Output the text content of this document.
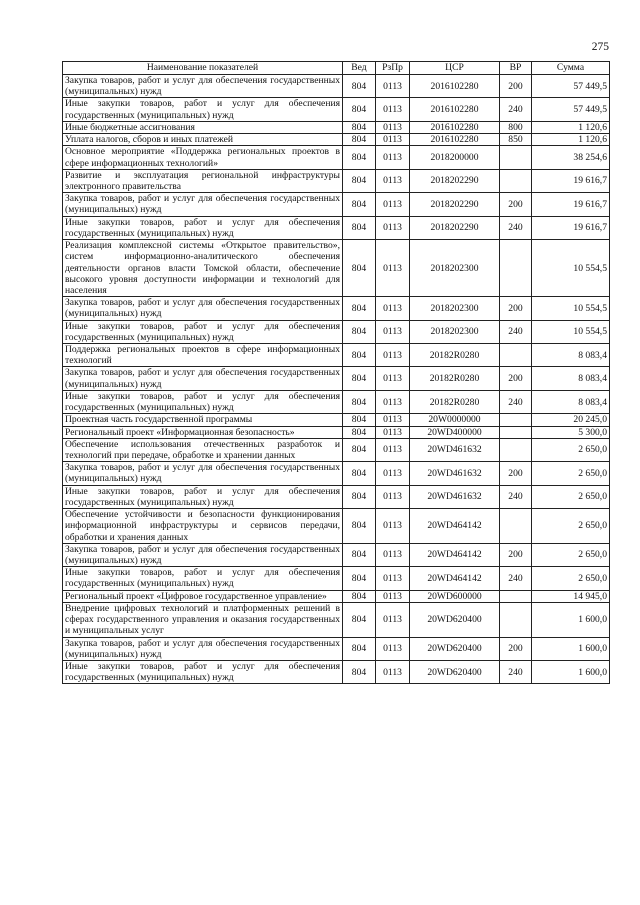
275
Наименование показателей	Вед	РзПр	ЦСР	ВР	Сумма
Закупка товаров, работ и услуг для обеспечения государственных (муниципальных) нужд	804	0113	2016102280	200	57 449,5
Иные закупки товаров, работ и услуг для обеспечения государственных (муниципальных) нужд	804	0113	2016102280	240	57 449,5
Иные бюджетные ассигнования	804	0113	2016102280	800	1 120,6
Уплата налогов, сборов и иных платежей	804	0113	2016102280	850	1 120,6
Основное мероприятие «Поддержка региональных проектов в сфере информационных технологий»	804	0113	2018200000		38 254,6
Развитие и эксплуатация региональной инфраструктуры электронного правительства	804	0113	2018202290		19 616,7
Закупка товаров, работ и услуг для обеспечения государственных (муниципальных) нужд	804	0113	2018202290	200	19 616,7
Иные закупки товаров, работ и услуг для обеспечения государственных (муниципальных) нужд	804	0113	2018202290	240	19 616,7
Реализация комплексной системы «Открытое правительство», систем информационно-аналитического обеспечения деятельности органов власти Томской области, обеспечение высокого уровня доступности информации и технологий для населения	804	0113	2018202300		10 554,5
Закупка товаров, работ и услуг для обеспечения государственных (муниципальных) нужд	804	0113	2018202300	200	10 554,5
Иные закупки товаров, работ и услуг для обеспечения государственных (муниципальных) нужд	804	0113	2018202300	240	10 554,5
Поддержка региональных проектов в сфере информационных технологий	804	0113	20182R0280		8 083,4
Закупка товаров, работ и услуг для обеспечения государственных (муниципальных) нужд	804	0113	20182R0280	200	8 083,4
Иные закупки товаров, работ и услуг для обеспечения государственных (муниципальных) нужд	804	0113	20182R0280	240	8 083,4
Проектная часть государственной программы	804	0113	20W0000000		20 245,0
Региональный проект «Информационная безопасность»	804	0113	20WD400000		5 300,0
Обеспечение использования отечественных разработок и технологий при передаче, обработке и хранении данных	804	0113	20WD461632		2 650,0
Закупка товаров, работ и услуг для обеспечения государственных (муниципальных) нужд	804	0113	20WD461632	200	2 650,0
Иные закупки товаров, работ и услуг для обеспечения государственных (муниципальных) нужд	804	0113	20WD461632	240	2 650,0
Обеспечение устойчивости и безопасности функционирования информационной инфраструктуры и сервисов передачи, обработки и хранения данных	804	0113	20WD464142		2 650,0
Закупка товаров, работ и услуг для обеспечения государственных (муниципальных) нужд	804	0113	20WD464142	200	2 650,0
Иные закупки товаров, работ и услуг для обеспечения государственных (муниципальных) нужд	804	0113	20WD464142	240	2 650,0
Региональный проект «Цифровое государственное управление»	804	0113	20WD600000		14 945,0
Внедрение цифровых технологий и платформенных решений в сферах государственного управления и оказания государственных и муниципальных услуг	804	0113	20WD620400		1 600,0
Закупка товаров, работ и услуг для обеспечения государственных (муниципальных) нужд	804	0113	20WD620400	200	1 600,0
Иные закупки товаров, работ и услуг для обеспечения государственных (муниципальных) нужд	804	0113	20WD620400	240	1 600,0
